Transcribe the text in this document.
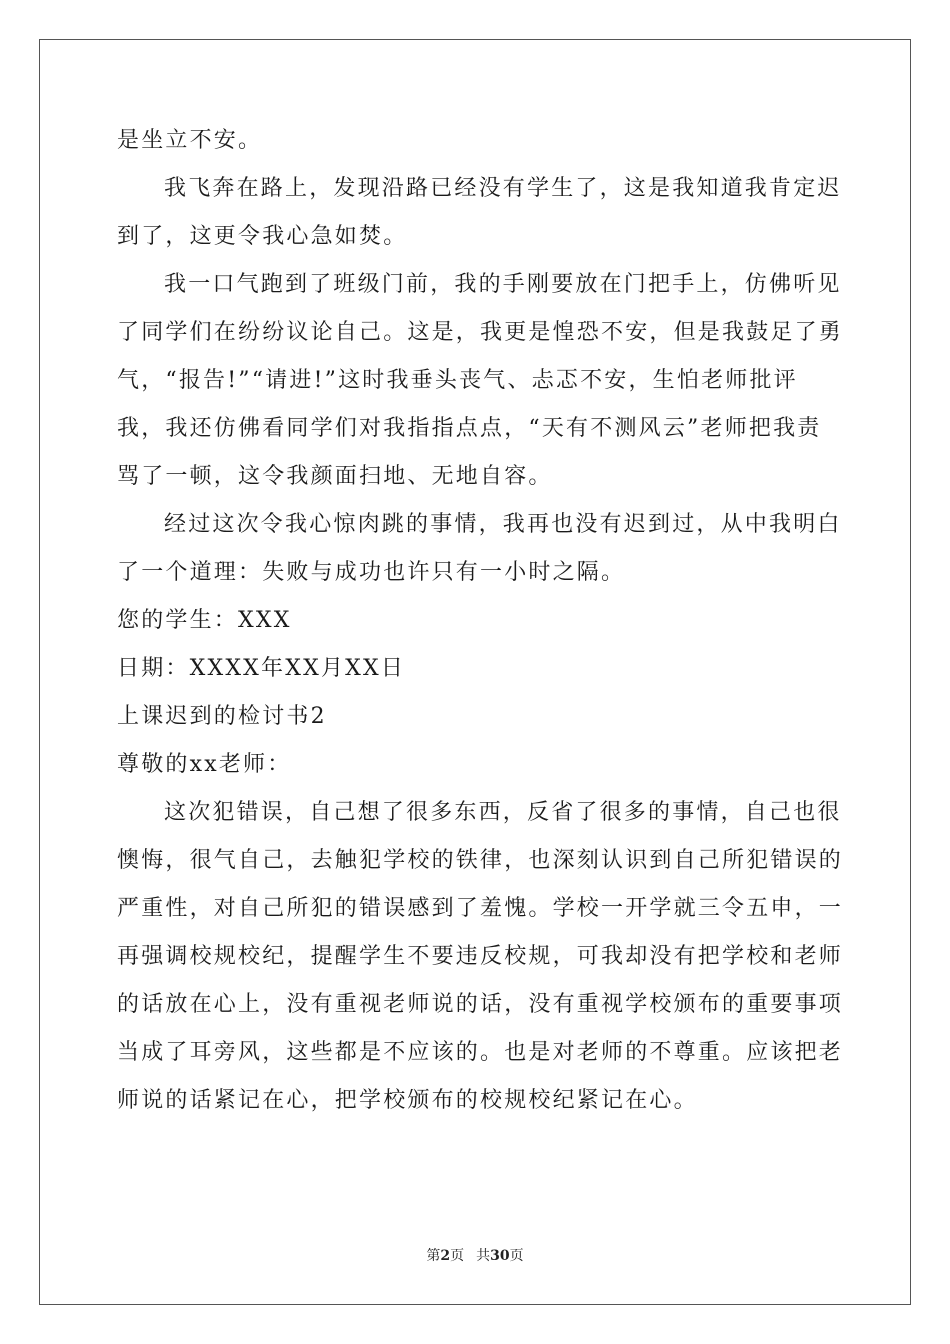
是坐立不安。
我飞奔在路上，发现沿路已经没有学生了，这是我知道我肯定迟
到了，这更令我心急如焚。
我一口气跑到了班级门前，我的手刚要放在门把手上，仿佛听见
了同学们在纷纷议论自己。这是，我更是惶恐不安，但是我鼓足了勇
气，“报告!”“请进!”这时我垂头丧气、忐忑不安，生怕老师批评
我，我还仿佛看同学们对我指指点点，“天有不测风云”老师把我责
骂了一顿，这令我颜面扫地、无地自容。
经过这次令我心惊肉跳的事情，我再也没有迟到过，从中我明白
了一个道理：失败与成功也许只有一小时之隔。
您的学生：XXX
日期：XXXX年XX月XX日
上课迟到的检讨书2
尊敬的xx老师：
这次犯错误，自己想了很多东西，反省了很多的事情，自己也很
懊悔，很气自己，去触犯学校的铁律，也深刻认识到自己所犯错误的
严重性，对自己所犯的错误感到了羞愧。学校一开学就三令五申，一
再强调校规校纪，提醒学生不要违反校规，可我却没有把学校和老师
的话放在心上，没有重视老师说的话，没有重视学校颁布的重要事项
当成了耳旁风，这些都是不应该的。也是对老师的不尊重。应该把老
师说的话紧记在心，把学校颁布的校规校纪紧记在心。
第2页 共30页
